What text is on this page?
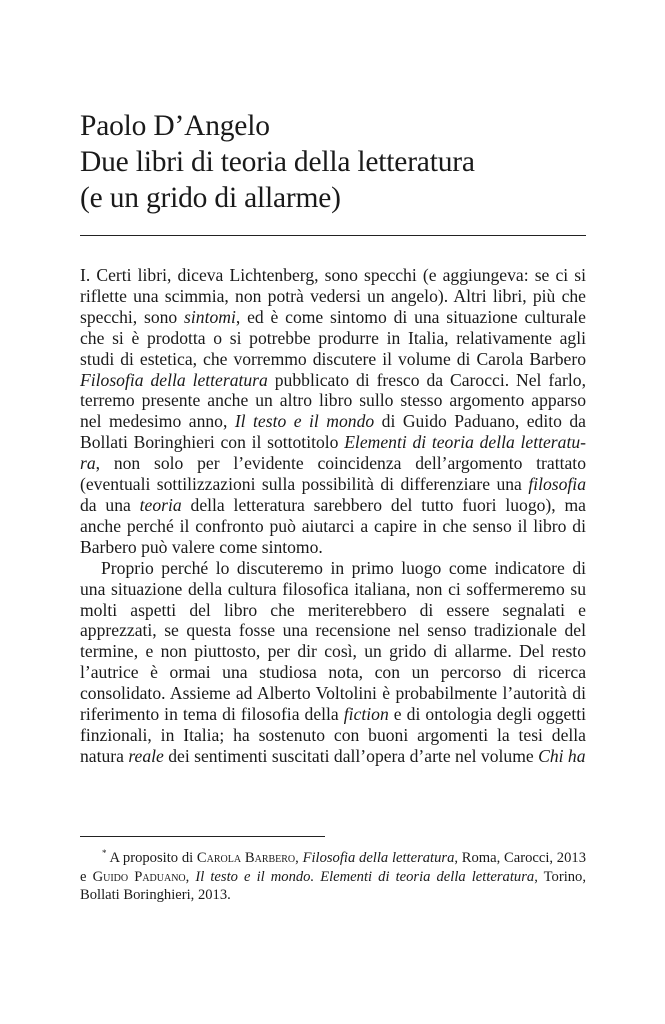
Paolo D’Angelo
Due libri di teoria della letteratura
(e un grido di allarme)

I. Certi libri, diceva Lichtenberg, sono specchi (e aggiungeva: se ci si riflette una scimmia, non potrà vedersi un angelo). Altri libri, più che specchi, sono sintomi, ed è come sintomo di una situazione culturale che si è prodotta o si potrebbe produrre in Italia, relativamente agli studi di estetica, che vorremmo discutere il volume di Carola Barbero Filosofia della letteratura pubblicato di fresco da Carocci. Nel farlo, terremo presente anche un altro libro sullo stesso argomento apparso nel medesimo anno, Il testo e il mondo di Guido Paduano, edito da Bollati Boringhieri con il sottotitolo Elementi di teoria della letteratura, non solo per l’evidente coincidenza dell’argomento trattato (eventuali sottilizzazioni sulla possibilità di differenziare una filosofia da una teoria della letteratura sarebbero del tutto fuori luogo), ma anche perché il confronto può aiutarci a capire in che senso il libro di Barbero può valere come sintomo.

Proprio perché lo discuteremo in primo luogo come indicatore di una situazione della cultura filosofica italiana, non ci soffermeremo su molti aspetti del libro che meriterebbero di essere segnalati e apprezzati, se questa fosse una recensione nel senso tradizionale del termine, e non piuttosto, per dir così, un grido di allarme. Del resto l’autrice è ormai una studiosa nota, con un percorso di ricerca consolidato. Assieme ad Alberto Voltolini è probabilmente l’autorità di riferimento in tema di filosofia della fiction e di ontologia degli oggetti finzionali, in Italia; ha sostenuto con buoni argomenti la tesi della natura reale dei sentimenti suscitati dall’opera d’arte nel volume Chi ha

* A proposito di Carola Barbero, Filosofia della letteratura, Roma, Carocci, 2013 e Guido Paduano, Il testo e il mondo. Elementi di teoria della letteratura, Torino, Bollati Boringhieri, 2013.
